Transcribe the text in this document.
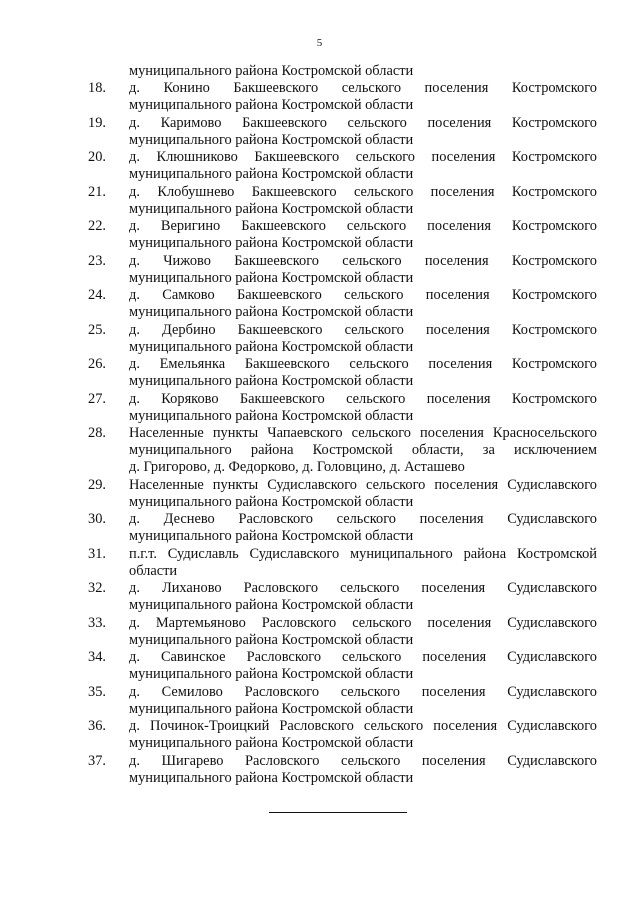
5
муниципального района Костромской области
18. д.   Конино   Бакшеевского   сельского   поселения   Костромского
муниципального района Костромской области
19. д. Каримово Бакшеевского сельского поселения Костромского
муниципального района Костромской области
20. д. Клюшниково Бакшеевского сельского поселения Костромского
муниципального района Костромской области
21. д. Клобушнево Бакшеевского сельского поселения Костромского
муниципального района Костромской области
22. д. Веригино Бакшеевского сельского поселения Костромского
муниципального района Костромской области
23. д. Чижово Бакшеевского сельского поселения Костромского
муниципального района Костромской области
24. д. Самково Бакшеевского сельского поселения Костромского
муниципального района Костромской области
25. д. Дербино Бакшеевского сельского поселения Костромского
муниципального района Костромской области
26. д. Емельянка Бакшеевского сельского поселения Костромского
муниципального района Костромской области
27. д. Коряково Бакшеевского сельского поселения Костромского
муниципального района Костромской области
28. Населенные пункты Чапаевского сельского поселения Красносельского
муниципального района Костромской области, за исключением
д. Григорово, д. Федорково, д. Головцино, д. Асташево
29. Населенные пункты Судиславского сельского поселения Судиславского
муниципального района Костромской области
30. д. Деснево Расловского сельского поселения Судиславского
муниципального района Костромской области
31. п.г.т. Судиславль Судиславского муниципального района Костромской
области
32. д. Лиханово Расловского сельского поселения Судиславского
муниципального района Костромской области
33. д. Мартемьяново Расловского сельского поселения Судиславского
муниципального района Костромской области
34. д. Савинское Расловского сельского поселения Судиславского
муниципального района Костромской области
35. д. Семилово Расловского сельского поселения Судиславского
муниципального района Костромской области
36. д. Починок-Троицкий Расловского сельского поселения Судиславского
муниципального района Костромской области
37. д. Шигарево Расловского сельского поселения Судиславского
муниципального района Костромской области
